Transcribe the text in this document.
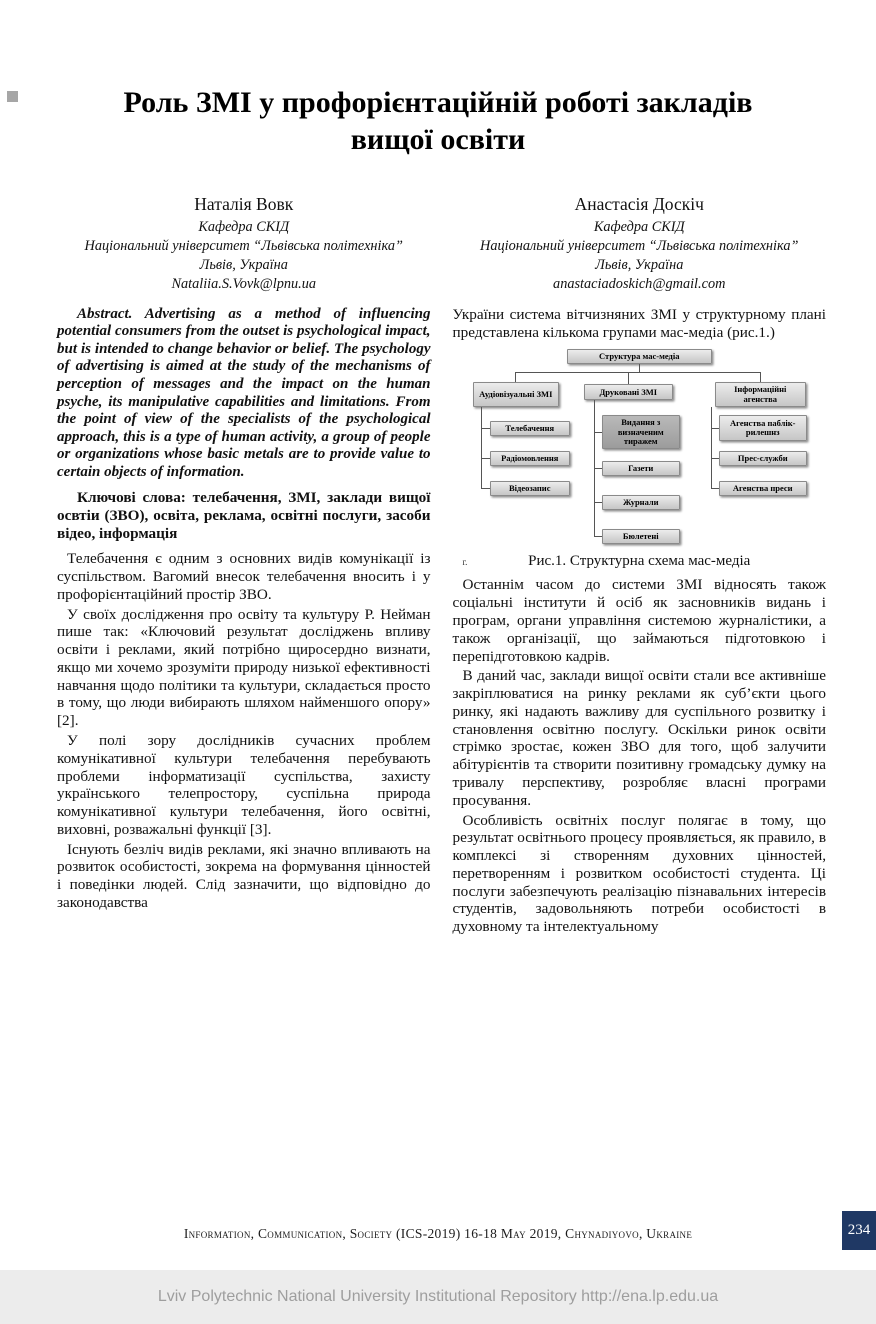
Роль ЗМІ у профорієнтаційній роботі закладів вищої освіти
Наталія Вовк
Кафедра СКІД
Національний університет “Львівська політехніка”
Львів, Україна
Nataliia.S.Vovk@lpnu.ua

Abstract. Advertising as a method of influencing potential consumers from the outset is psychological impact, but is intended to change behavior or belief. The psychology of advertising is aimed at the study of the mechanisms of perception of messages and the impact on the human psyche, its manipulative capabilities and limitations. From the point of view of the specialists of the psychological approach, this is a type of human activity, a group of people or organizations whose basic metals are to provide value to certain objects of information.

Ключові слова: телебачення, ЗМІ, заклади вищої освтіи (ЗВО), освіта, реклама, освітні послуги, засоби відео, інформація

Телебачення є одним з основних видів комунікації із суспільством. Вагомий внесок телебачення вносить і у профорієнтаційний простір ЗВО.

У своїх дослідження про освіту та культуру Р. Нейман пише так: «Ключовий результат досліджень впливу освіти і реклами, який потрібно щиросердно визнати, якщо ми хочемо зрозуміти природу низької ефективності навчання щодо політики та культури, складається просто в тому, що люди вибирають шляхом найменшого опору» [2].

У полі зору дослідників сучасних проблем комунікативної культури телебачення перебувають проблеми інформатизації суспільства, захисту українського телепростору, суспільна природа комунікативної культури телебачення, його освітні, виховні, розважальні функції [3].

Існують безліч видів реклами, які значно впливають на розвиток особистості, зокрема на формування цінностей і поведінки людей. Слід зазначити, що відповідно до законодавства

Анастасія Доскіч
Кафедра СКІД
Національний університет “Львівська політехніка”
Львів, Україна
anastaciadoskich@gmail.com

України система вітчизняних ЗМІ у структурному плані представлена кількома групами мас-медіа (рис.1.)

Структура мас-медіа
Аудіовізуальні ЗМІ	Друковані ЗМІ	Інформаційні агенства
Телебачення
Радіомовлення
Відеозапис
Видання з визначеним тиражем
Газети
Журнали
Бюлетені
Агенства паблік-рилешнз
Прес-служби
Агенства преси
г.	Рис.1. Структурна схема мас-медіа

Останнім часом до системи ЗМІ відносять також соціальні інститути й осіб як засновників видань і програм, органи управління системою журналістики, а також організації, що займаються підготовкою і перепідготовкою кадрів.

В даний час, заклади вищої освіти стали все активніше закріплюватися на ринку реклами як суб’єкти цього ринку, які надають важливу для суспільного розвитку і становлення освітню послугу. Оскільки ринок освіти стрімко зростає, кожен ЗВО для того, щоб залучити абітурієнтів та створити позитивну громадську думку на тривалу перспективу, розробляє власні програми просування.

Особливість освітніх послуг полягає в тому, що результат освітнього процесу проявляється, як правило, в комплексі зі створенням духовних цінностей, перетворенням і розвитком особистості студента. Ці послуги забезпечують реалізацію пізнавальних інтересів студентів, задовольняють потреби особистості в духовному та інтелектуальному

Information, Communication, Society (ICS-2019) 16-18 May 2019, Chynadiyovo, Ukraine	234
Lviv Polytechnic National University Institutional Repository http://ena.lp.edu.ua
